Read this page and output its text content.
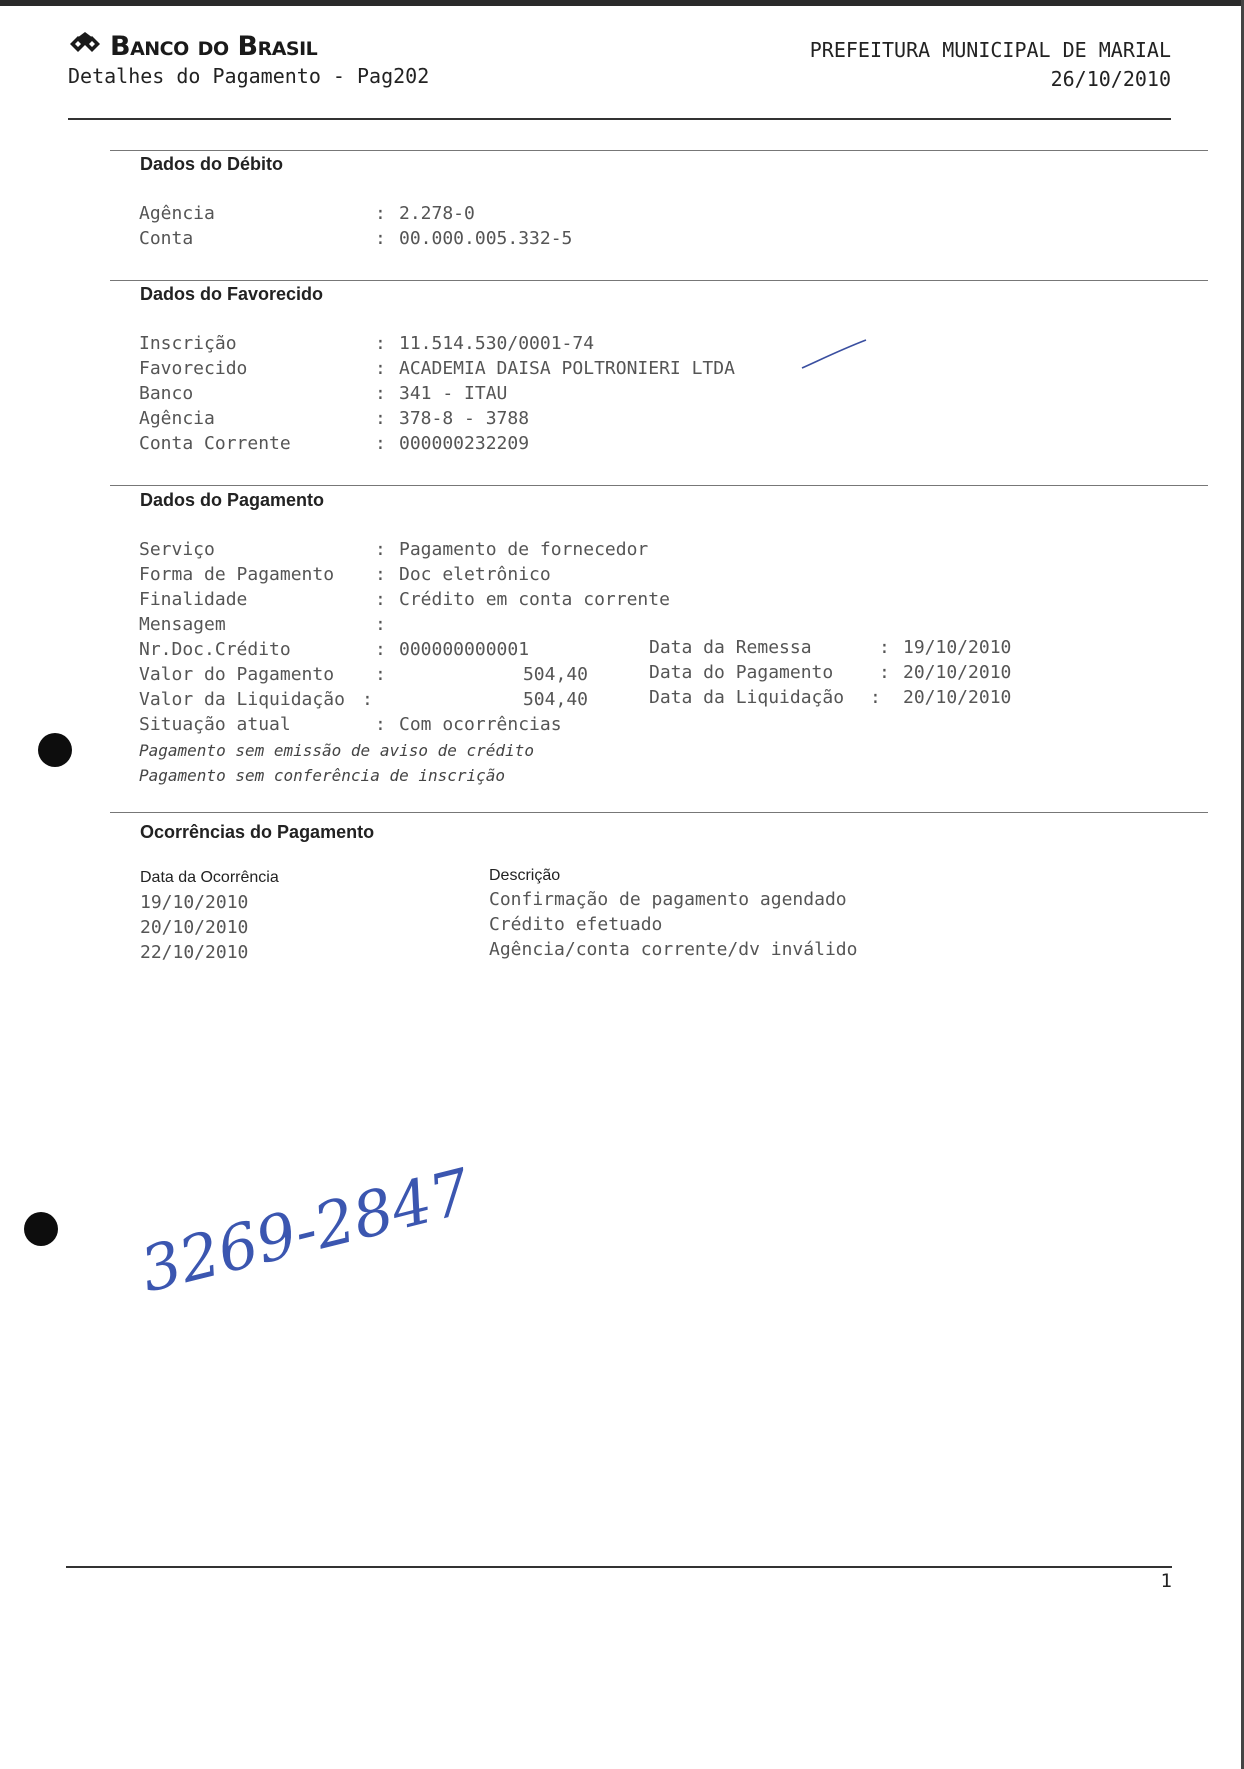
Banco do Brasil
Detalhes do Pagamento - Pag202
PREFEITURA MUNICIPAL DE MARIAL
26/10/2010
Dados do Débito
Agência	: 2.278-0
Conta	: 00.000.005.332-5
Dados do Favorecido
Inscrição	: 11.514.530/0001-74
Favorecido	: ACADEMIA DAISA POLTRONIERI LTDA
Banco	: 341 - ITAU
Agência	: 378-8 - 3788
Conta Corrente	: 000000232209
Dados do Pagamento
Serviço	: Pagamento de fornecedor
Forma de Pagamento : Doc eletrônico
Finalidade	: Crédito em conta corrente
Mensagem	:
Nr.Doc.Crédito	: 000000000001
Valor do Pagamento :	504,40
Valor da Liquidação :	504,40
Situação atual	: Com ocorrências
Data da Remessa	: 19/10/2010
Data do Pagamento	: 20/10/2010
Data da Liquidação : 20/10/2010
Pagamento sem emissão de aviso de crédito
Pagamento sem conferência de inscrição
Ocorrências do Pagamento
Data da Ocorrência	Descrição
19/10/2010	Confirmação de pagamento agendado
20/10/2010	Crédito efetuado
22/10/2010	Agência/conta corrente/dv inválido
3269-2847
1
